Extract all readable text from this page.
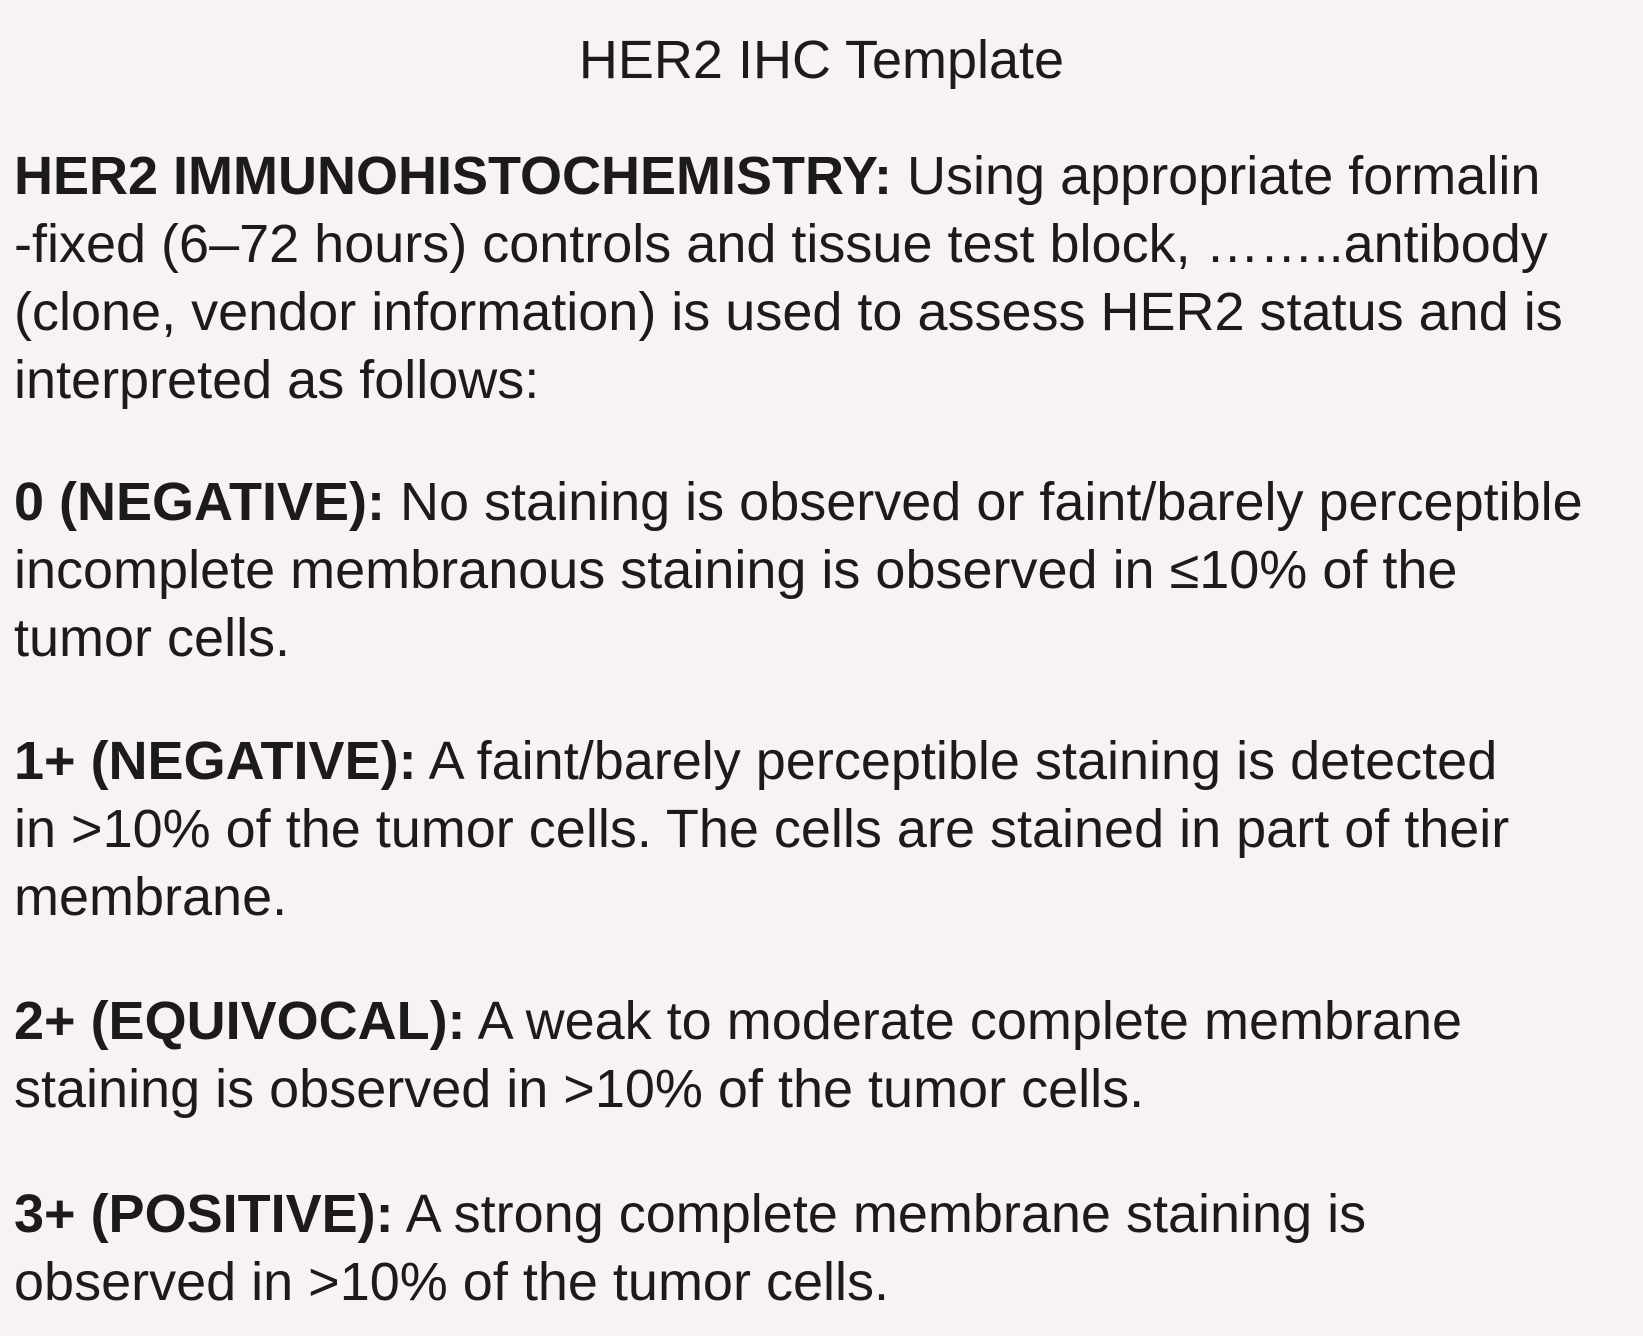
HER2 IHC Template
HER2 IMMUNOHISTOCHEMISTRY: Using appropriate formalin
-fixed (6–72 hours) controls and tissue test block, ……..antibody
(clone, vendor information) is used to assess HER2 status and is
interpreted as follows:
0 (NEGATIVE): No staining is observed or faint/barely perceptible
incomplete membranous staining is observed in ≤10% of the
tumor cells.
1+ (NEGATIVE): A faint/barely perceptible staining is detected
in >10% of the tumor cells. The cells are stained in part of their
membrane.
2+ (EQUIVOCAL): A weak to moderate complete membrane
staining is observed in >10% of the tumor cells.
3+ (POSITIVE): A strong complete membrane staining is
observed in >10% of the tumor cells.
